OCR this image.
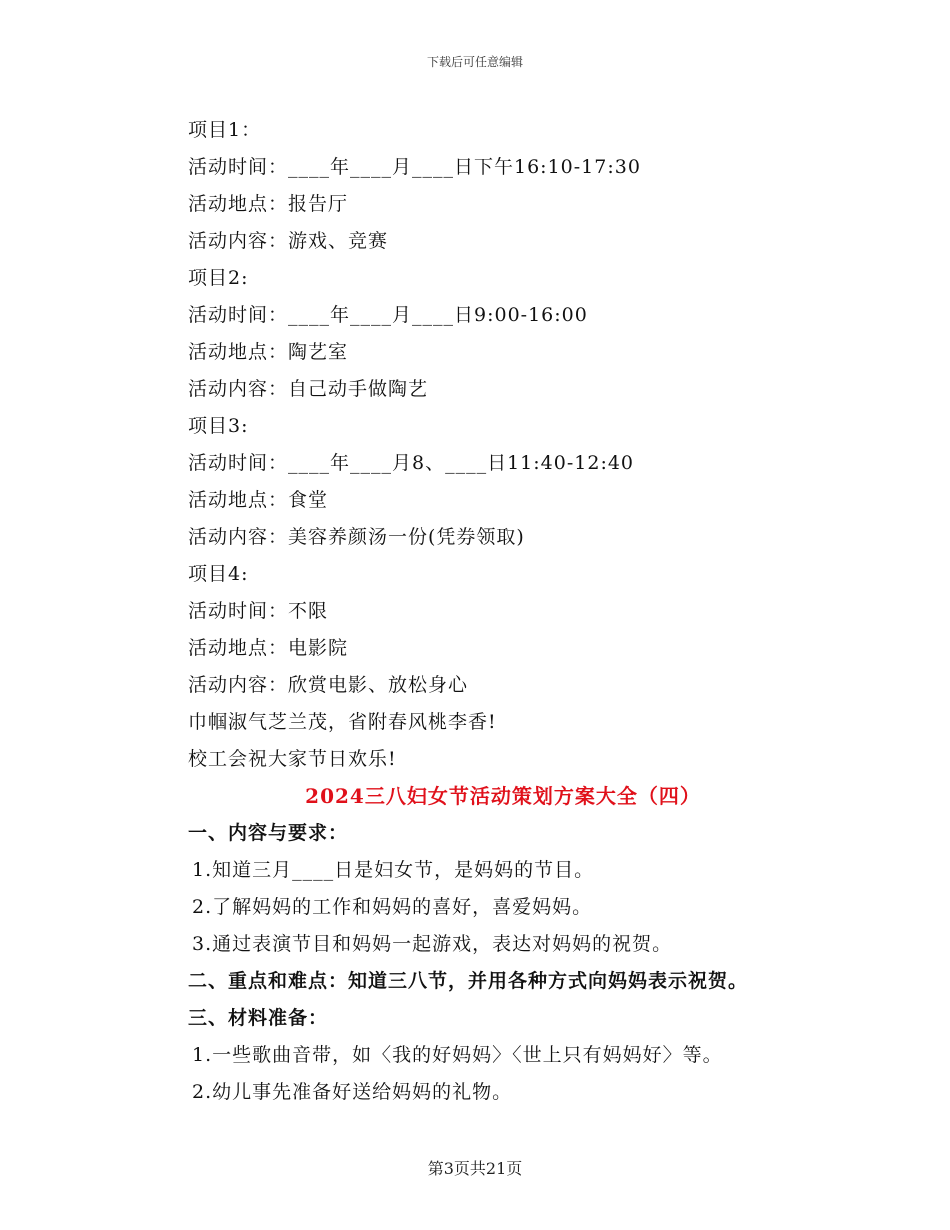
下载后可任意编辑
项目1：
活动时间：____年____月____日下午16:10-17:30
活动地点：报告厅
活动内容：游戏、竞赛
项目2:
活动时间：____年____月____日9:00-16:00
活动地点：陶艺室
活动内容：自己动手做陶艺
项目3:
活动时间：____年____月8、____日11:40-12:40
活动地点：食堂
活动内容：美容养颜汤一份(凭券领取)
项目4:
活动时间：不限
活动地点：电影院
活动内容：欣赏电影、放松身心
巾帼淑气芝兰茂，省附春风桃李香!
校工会祝大家节日欢乐!
2024三八妇女节活动策划方案大全（四）
一、内容与要求：
1.知道三月____日是妇女节，是妈妈的节目。
2.了解妈妈的工作和妈妈的喜好，喜爱妈妈。
3.通过表演节目和妈妈一起游戏，表达对妈妈的祝贺。
二、重点和难点：知道三八节，并用各种方式向妈妈表示祝贺。
三、材料准备：
1.一些歌曲音带，如〈我的好妈妈〉〈世上只有妈妈好〉等。
2.幼儿事先准备好送给妈妈的礼物。
第3页共21页
